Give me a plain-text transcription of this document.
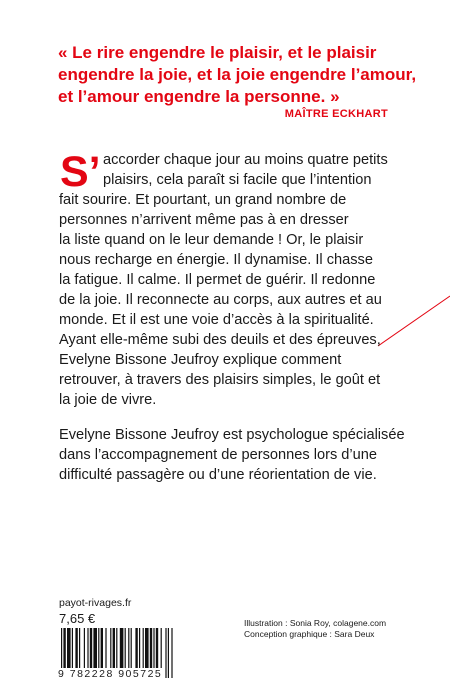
« Le rire engendre le plaisir, et le plaisir
engendre la joie, et la joie engendre l’amour,
et l’amour engendre la personne. »
MAÎTRE ECKHART
S’ accorder chaque jour au moins quatre petits
plaisirs, cela paraît si facile que l’intention
fait sourire. Et pourtant, un grand nombre de
personnes n’arrivent même pas à en dresser
la liste quand on le leur demande ! Or, le plaisir
nous recharge en énergie. Il dynamise. Il chasse
la fatigue. Il calme. Il permet de guérir. Il redonne
de la joie. Il reconnecte au corps, aux autres et au
monde. Et il est une voie d’accès à la spiritualité.
Ayant elle-même subi des deuils et des épreuves,
Evelyne Bissone Jeufroy explique comment
retrouver, à travers des plaisirs simples, le goût et
la joie de vivre.
Evelyne Bissone Jeufroy est psychologue spécialisée
dans l’accompagnement de personnes lors d’une
difficulté passagère ou d’une réorientation de vie.
payot-rivages.fr
7,65 €	Illustration : Sonia Roy, colagene.com
Conception graphique : Sara Deux
9 782228 905725
